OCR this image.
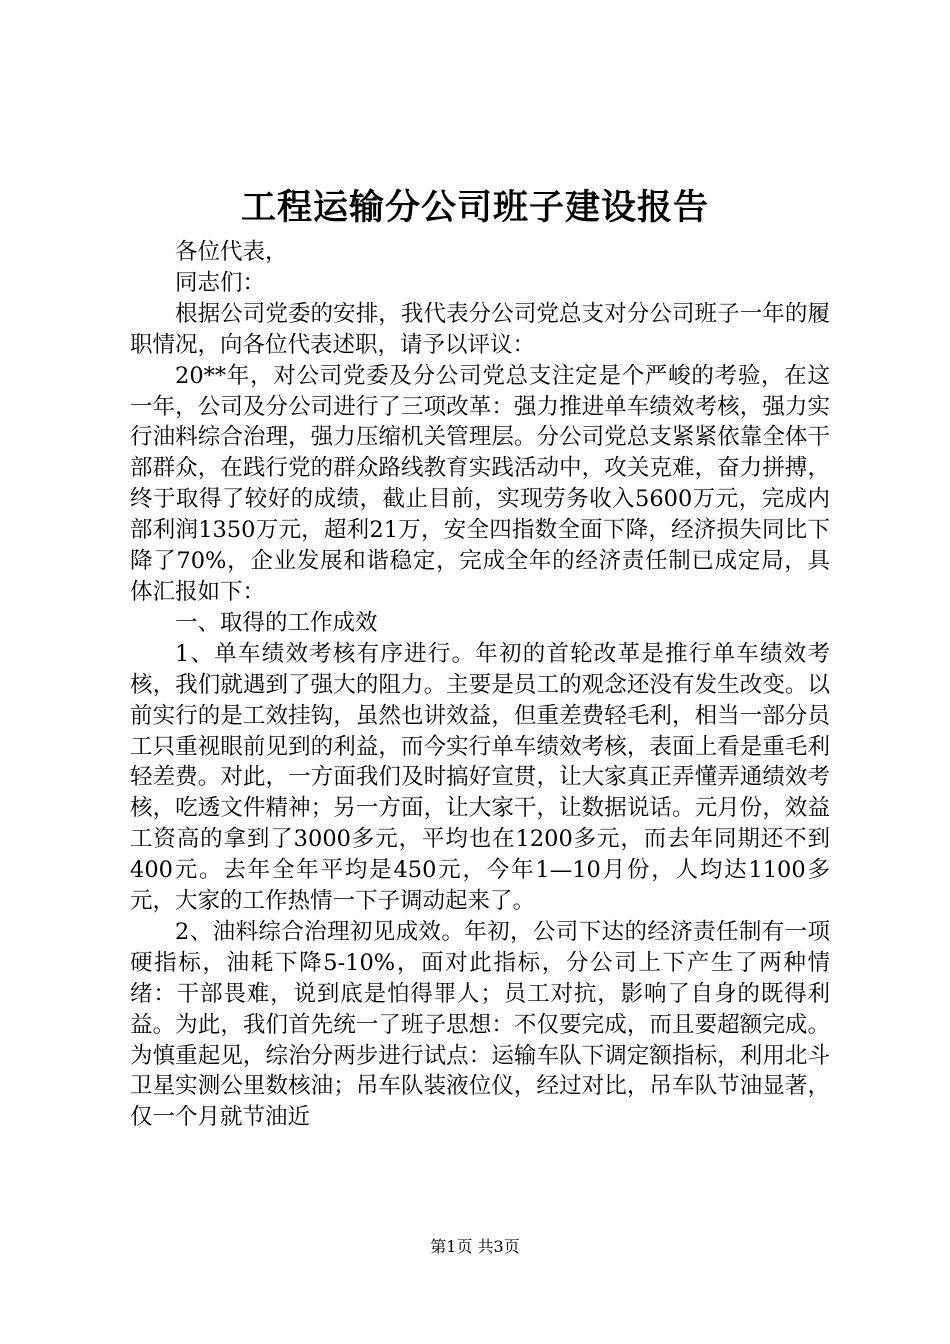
工程运输分公司班子建设报告

各位代表，

同志们：

根据公司党委的安排，我代表分公司党总支对分公司班子一年的履职情况，向各位代表述职，请予以评议：

20**年，对公司党委及分公司党总支注定是个严峻的考验，在这一年，公司及分公司进行了三项改革：强力推进单车绩效考核，强力实行油料综合治理，强力压缩机关管理层。分公司党总支紧紧依靠全体干部群众，在践行党的群众路线教育实践活动中，攻关克难，奋力拼搏，终于取得了较好的成绩，截止目前，实现劳务收入5600万元，完成内部利润1350万元，超利21万，安全四指数全面下降，经济损失同比下降了70%，企业发展和谐稳定，完成全年的经济责任制已成定局，具体汇报如下：

一、取得的工作成效

1、单车绩效考核有序进行。年初的首轮改革是推行单车绩效考核，我们就遇到了强大的阻力。主要是员工的观念还没有发生改变。以前实行的是工效挂钩，虽然也讲效益，但重差费轻毛利，相当一部分员工只重视眼前见到的利益，而今实行单车绩效考核，表面上看是重毛利轻差费。对此，一方面我们及时搞好宣贯，让大家真正弄懂弄通绩效考核，吃透文件精神；另一方面，让大家干，让数据说话。元月份，效益工资高的拿到了3000多元，平均也在1200多元，而去年同期还不到400元。去年全年平均是450元，今年1—10月份，人均达1100多元，大家的工作热情一下子调动起来了。

2、油料综合治理初见成效。年初，公司下达的经济责任制有一项硬指标，油耗下降5-10%，面对此指标，分公司上下产生了两种情绪：干部畏难，说到底是怕得罪人；员工对抗，影响了自身的既得利益。为此，我们首先统一了班子思想：不仅要完成，而且要超额完成。为慎重起见，综治分两步进行试点：运输车队下调定额指标，利用北斗卫星实测公里数核油；吊车队装液位仪，经过对比，吊车队节油显著，仅一个月就节油近

第1页 共3页
